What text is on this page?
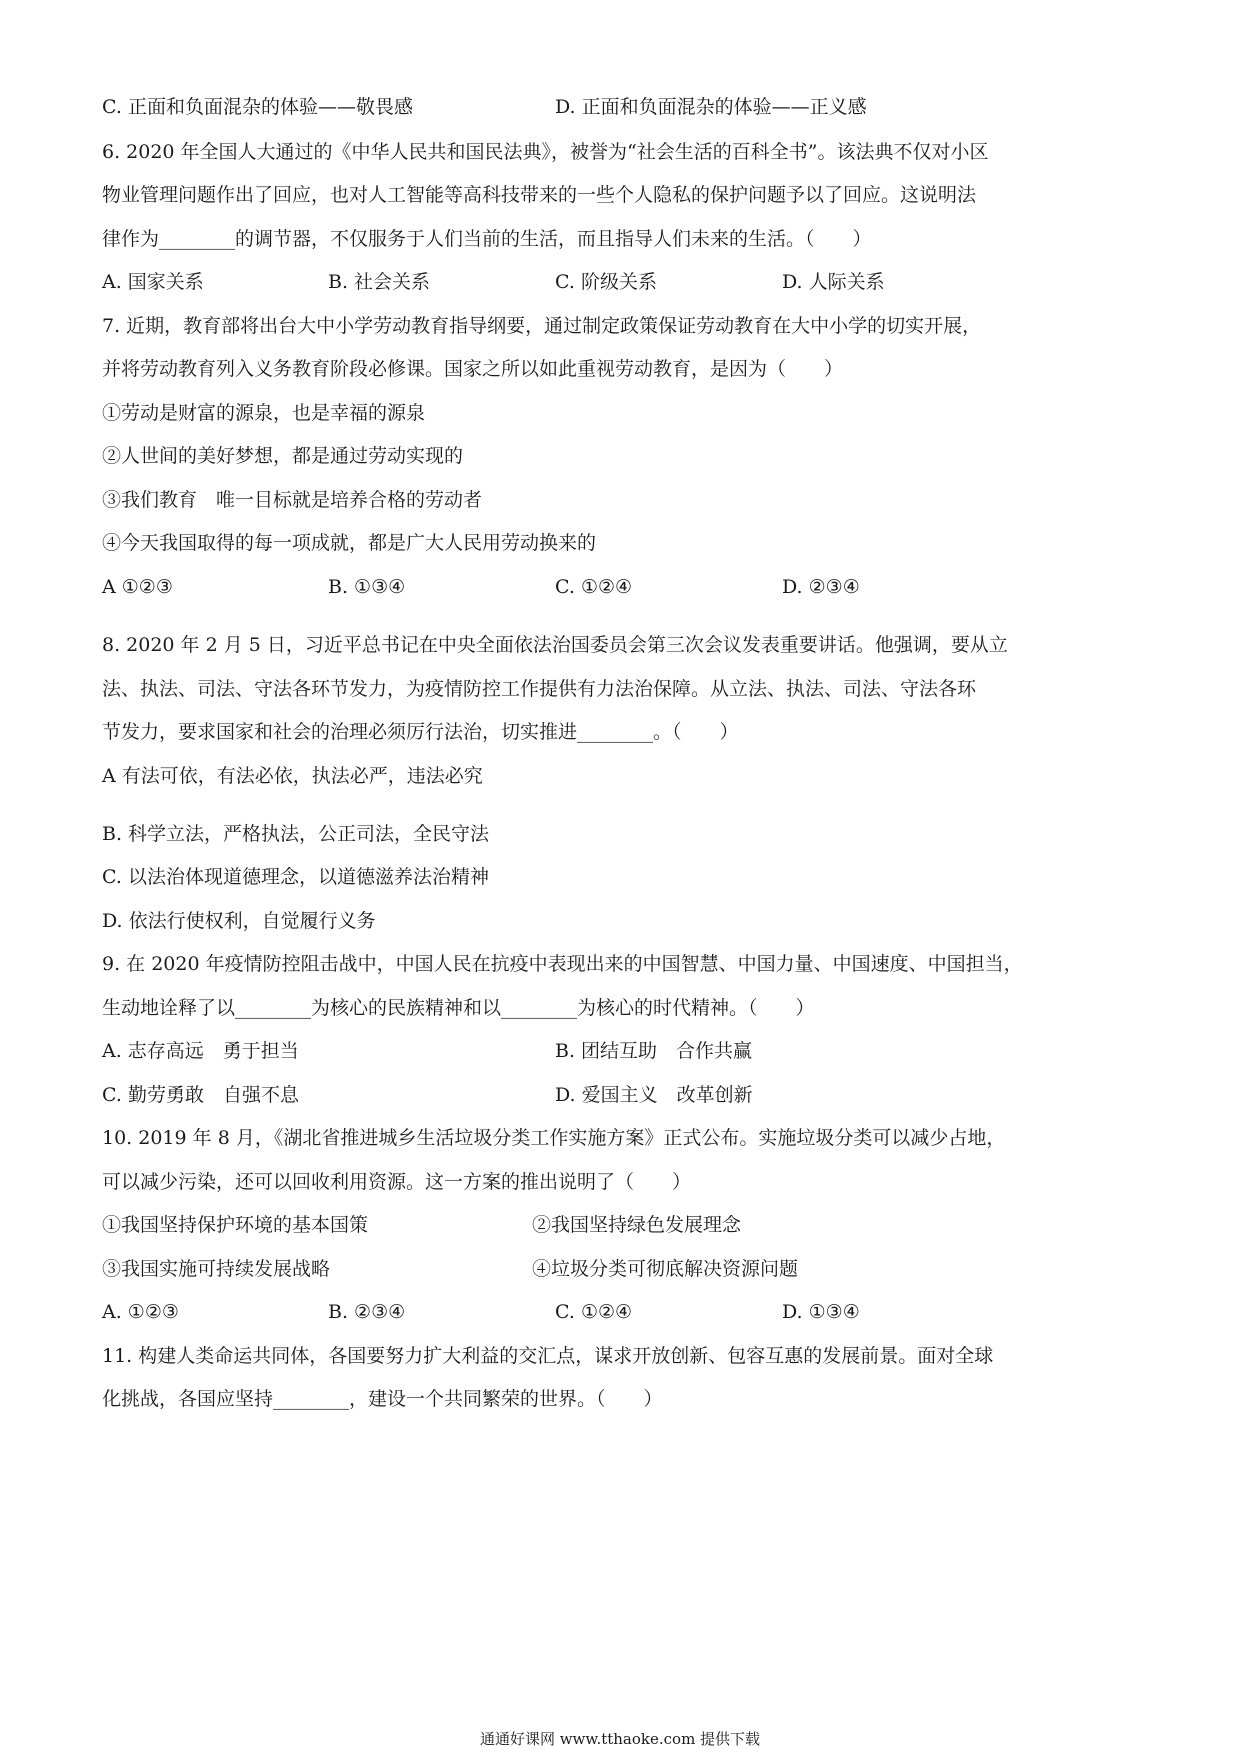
C. 正面和负面混杂的体验——敬畏感	D. 正面和负面混杂的体验——正义感
6. 2020 年全国人大通过的《中华人民共和国民法典》，被誉为“社会生活的百科全书”。该法典不仅对小区
物业管理问题作出了回应，也对人工智能等高科技带来的一些个人隐私的保护问题予以了回应。这说明法
律作为________的调节器，不仅服务于人们当前的生活，而且指导人们未来的生活。（　　）
A. 国家关系	B. 社会关系	C. 阶级关系	D. 人际关系
7. 近期，教育部将出台大中小学劳动教育指导纲要，通过制定政策保证劳动教育在大中小学的切实开展，
并将劳动教育列入义务教育阶段必修课。国家之所以如此重视劳动教育，是因为（　　）
①劳动是财富的源泉，也是幸福的源泉
②人世间的美好梦想，都是通过劳动实现的
③我们教育　唯一目标就是培养合格的劳动者
④今天我国取得的每一项成就，都是广大人民用劳动换来的
A ①②③	B. ①③④	C. ①②④	D. ②③④
8. 2020 年 2 月 5 日，习近平总书记在中央全面依法治国委员会第三次会议发表重要讲话。他强调，要从立
法、执法、司法、守法各环节发力，为疫情防控工作提供有力法治保障。从立法、执法、司法、守法各环
节发力，要求国家和社会的治理必须厉行法治，切实推进________。（　　）
A 有法可依，有法必依，执法必严，违法必究
B. 科学立法，严格执法，公正司法，全民守法
C. 以法治体现道德理念，以道德滋养法治精神
D. 依法行使权利，自觉履行义务
9. 在 2020 年疫情防控阻击战中，中国人民在抗疫中表现出来的中国智慧、中国力量、中国速度、中国担当，
生动地诠释了以________为核心的民族精神和以________为核心的时代精神。（　　）
A. 志存高远　勇于担当	B. 团结互助　合作共赢
C. 勤劳勇敢　自强不息	D. 爱国主义　改革创新
10. 2019 年 8 月，《湖北省推进城乡生活垃圾分类工作实施方案》正式公布。实施垃圾分类可以减少占地，
可以减少污染，还可以回收利用资源。这一方案的推出说明了（　　）
①我国坚持保护环境的基本国策	②我国坚持绿色发展理念
③我国实施可持续发展战略	④垃圾分类可彻底解决资源问题
A. ①②③	B. ②③④	C. ①②④	D. ①③④
11. 构建人类命运共同体，各国要努力扩大利益的交汇点，谋求开放创新、包容互惠的发展前景。面对全球
化挑战，各国应坚持________，建设一个共同繁荣的世界。（　　）
通通好课网 www.tthaoke.com 提供下载
